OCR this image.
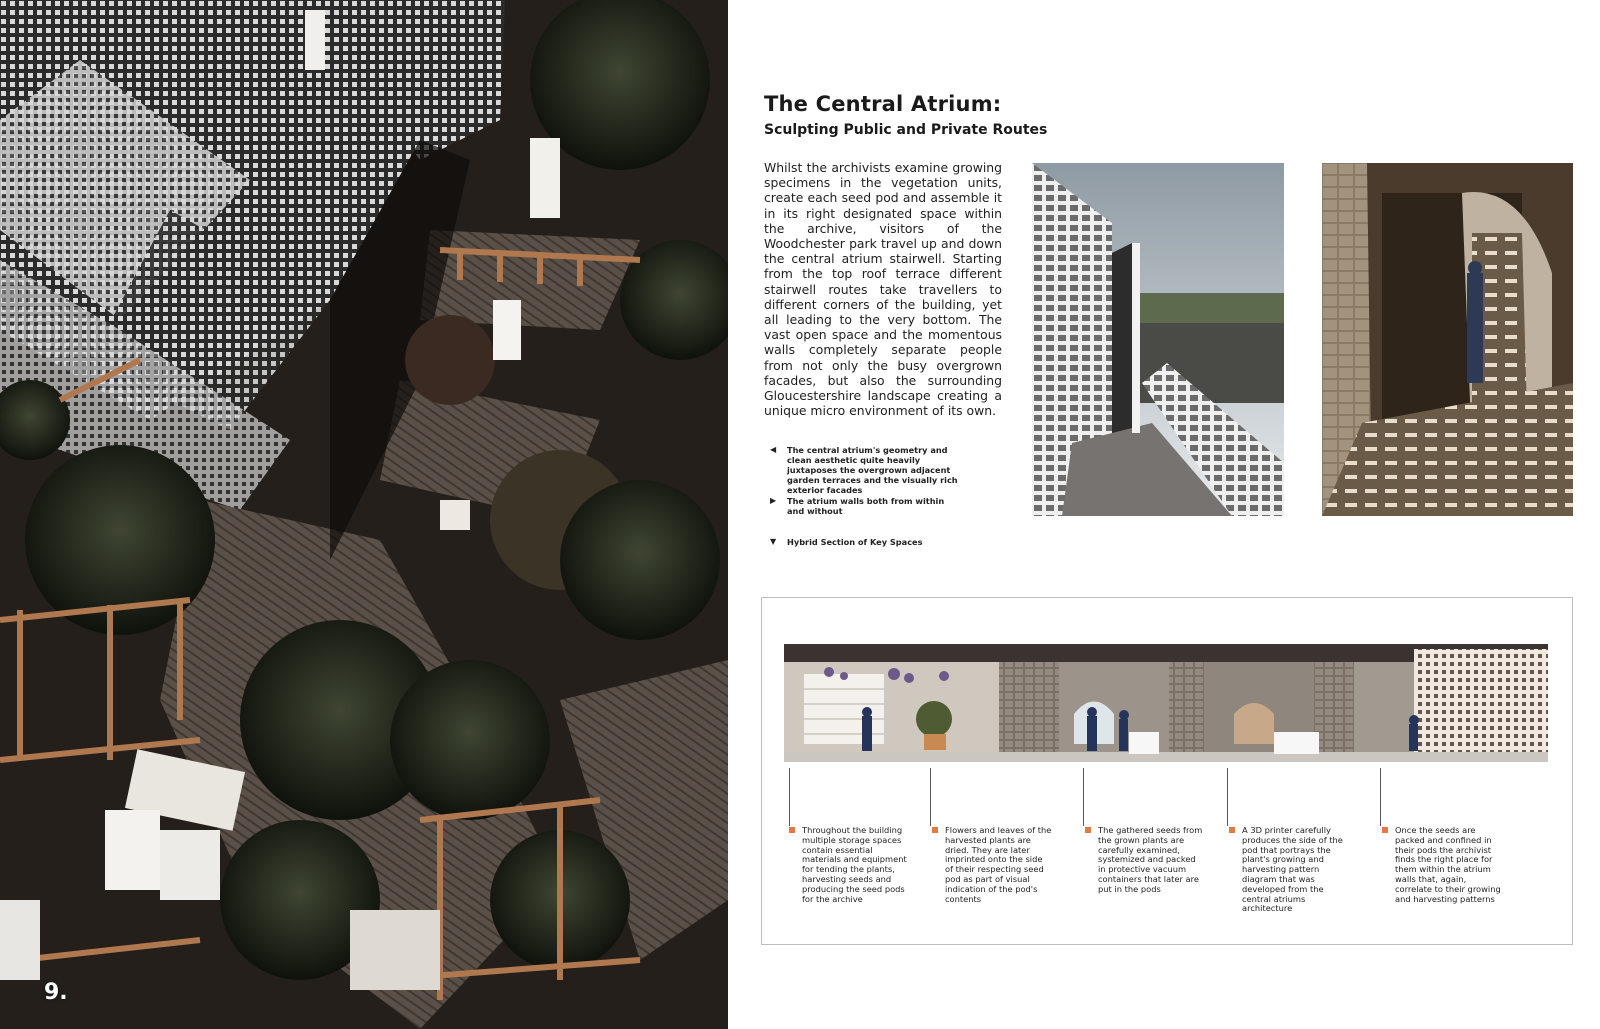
9.
The Central Atrium:
Sculpting Public and Private Routes
Whilst the archivists examine growing specimens in the vegetation units, create each seed pod and assemble it in its right designated space within the archive, visitors of the Woodchester park travel up and down the central atrium stairwell. Starting from the top roof terrace different stairwell routes take travellers to different corners of the building, yet all leading to the very bottom. The vast open space and the momentous walls completely separate people from not only the busy overgrown facades, but also the surrounding Gloucestershire landscape creating a unique micro environment of its own.
◀	The central atrium's geometry and clean aesthetic quite heavily juxtaposes the overgrown adjacent garden terraces and the visually rich exterior facades
▶	The atrium walls both from within and without
▼	Hybrid Section of Key Spaces
Throughout the building multiple storage spaces contain essential materials and equipment for tending the plants, harvesting seeds and producing the seed pods for the archive
Flowers and leaves of the harvested plants are dried. They are later imprinted onto the side of their respecting seed pod as part of visual indication of the pod's contents
The gathered seeds from the grown plants are carefully examined, systemized and packed in protective vacuum containers that later are put in the pods
A 3D printer carefully produces the side of the pod that portrays the plant's growing and harvesting pattern diagram that was developed from the central atriums architecture
Once the seeds are packed and confined in their pods the archivist finds the right place for them within the atrium walls that, again, correlate to their growing and harvesting patterns
